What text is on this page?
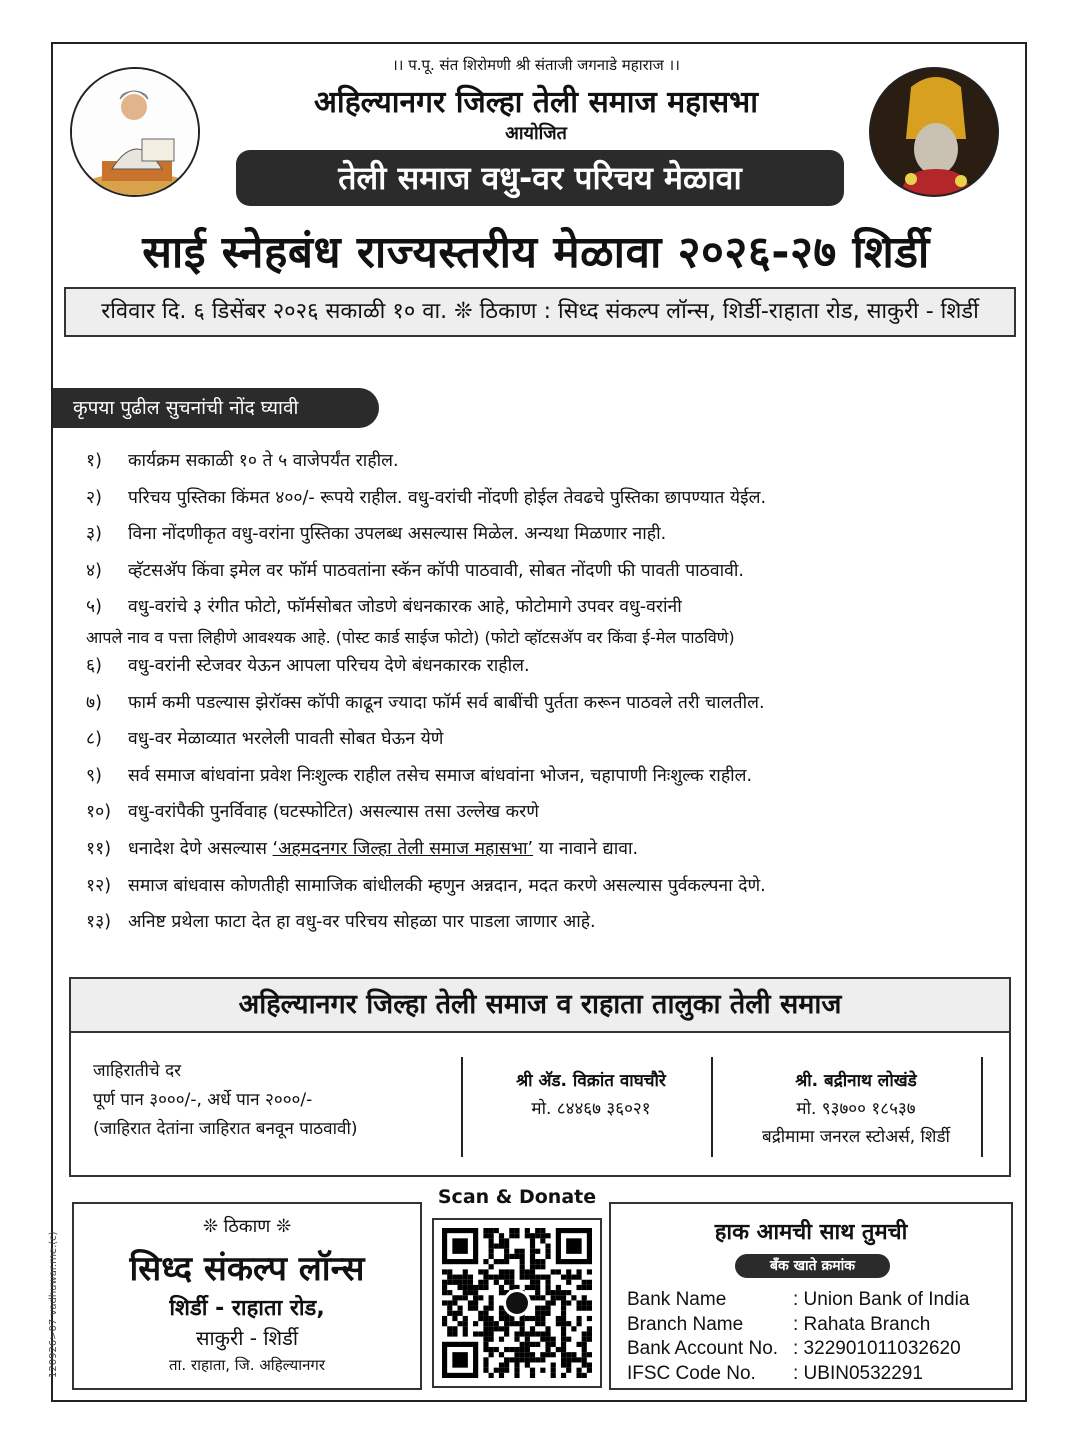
120926>07 vadhuwar.me.(c)
।। प.पू. संत शिरोमणी श्री संताजी जगनाडे महाराज ।।
अहिल्यानगर जिल्हा तेली समाज महासभा
आयोजित
तेली समाज वधु-वर परिचय मेळावा
साई स्नेहबंध राज्यस्तरीय मेळावा २०२६-२७ शिर्डी
रविवार दि. ६ डिसेंबर २०२६ सकाळी १० वा. ❊ ठिकाण : सिध्द संकल्प लॉन्स, शिर्डी-राहाता रोड, साकुरी - शिर्डी
कृपया पुढील सुचनांची नोंद घ्यावी
१)	कार्यक्रम सकाळी १० ते ५ वाजेपर्यंत राहील.
२)	परिचय पुस्तिका किंमत ४००/- रूपये राहील. वधु-वरांची नोंदणी होईल तेवढचे पुस्तिका छापण्यात येईल.
३)	विना नोंदणीकृत वधु-वरांना पुस्तिका उपलब्ध असल्यास मिळेल. अन्यथा मिळणार नाही.
४)	व्हॅटसअ‍ॅप किंवा इमेल वर फॉर्म पाठवतांना स्कॅन कॉपी पाठवावी, सोबत नोंदणी फी पावती पाठवावी.
५)	वधु-वरांचे ३ रंगीत फोटो, फॉर्मसोबत जोडणे बंधनकारक आहे, फोटोमागे उपवर वधु-वरांनी
आपले नाव व पत्ता लिहीणे आवश्यक आहे. (पोस्ट कार्ड साईज फोटो) (फोटो व्हॉटसअ‍ॅप वर किंवा ई-मेल पाठविणे)
६)	वधु-वरांनी स्टेजवर येऊन आपला परिचय देणे बंधनकारक राहील.
७)	फार्म कमी पडल्यास झेरॉक्स कॉपी काढून ज्यादा फॉर्म सर्व बाबींची पुर्तता करून पाठवले तरी चालतील.
८)	वधु-वर मेळाव्यात भरलेली पावती सोबत घेऊन येणे
९)	सर्व समाज बांधवांना प्रवेश निःशुल्क राहील तसेच समाज बांधवांना भोजन, चहापाणी निःशुल्क राहील.
१०) वधु-वरांपैकी पुनर्विवाह (घटस्फोटित) असल्यास तसा उल्लेख करणे
११) धनादेश देणे असल्यास ‘अहमदनगर जिल्हा तेली समाज महासभा’ या नावाने द्यावा.
१२) समाज बांधवास कोणतीही सामाजिक बांधीलकी म्हणुन अन्नदान, मदत करणे असल्यास पुर्वकल्पना देणे.
१३) अनिष्ट प्रथेला फाटा देत हा वधु-वर परिचय सोहळा पार पाडला जाणार आहे.
अहिल्यानगर जिल्हा तेली समाज व राहाता तालुका तेली समाज
जाहिरातीचे दर
पूर्ण पान ३०००/-, अर्धे पान २०००/-
(जाहिरात देतांना जाहिरात बनवून पाठवावी)
श्री अ‍ॅड. विक्रांत वाघचौरे
मो. ८४४६७ ३६०२१
श्री. बद्रीनाथ लोखंडे
मो. ९३७०० १८५३७
बद्रीमामा जनरल स्टोअर्स, शिर्डी
❊ ठिकाण ❊
सिध्द संकल्प लॉन्स
शिर्डी - राहाता रोड,
साकुरी - शिर्डी
ता. राहाता, जि. अहिल्यानगर
Scan & Donate
हाक आमची साथ तुमची
बँक खाते क्रमांक
Bank Name	: Union Bank of India
Branch Name	: Rahata Branch
Bank Account No. : 322901011032620
IFSC Code No.	: UBIN0532291
